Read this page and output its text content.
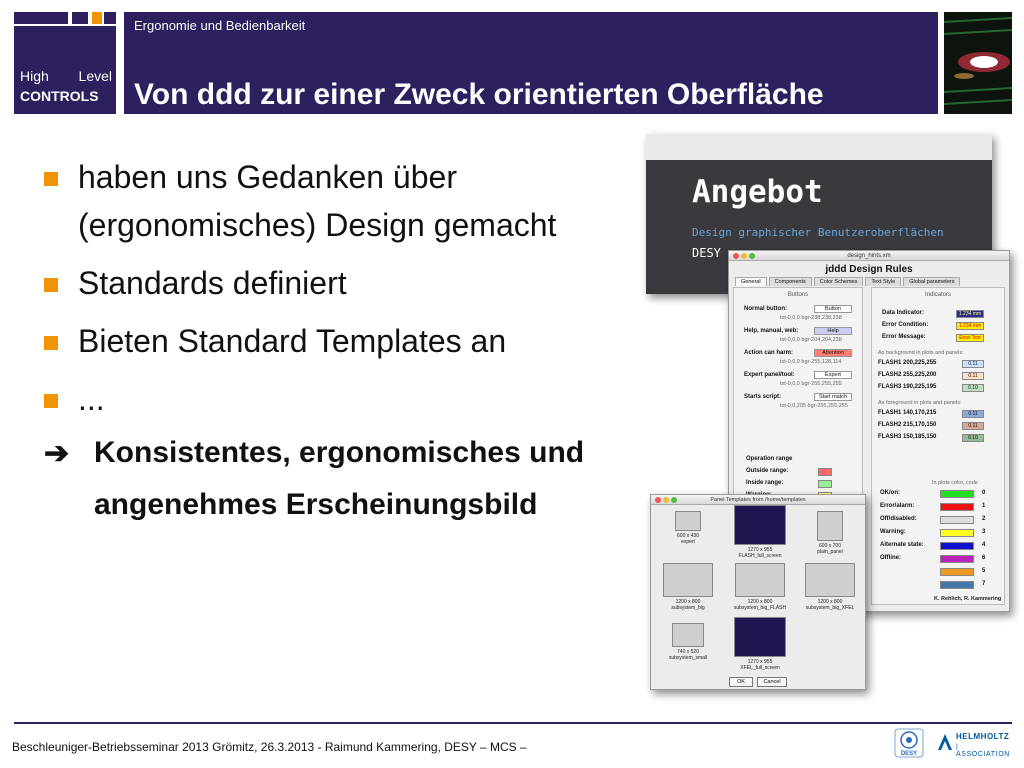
High Level
CONTROLS
Ergonomie und Bedienbarkeit
Von ddd zur einer Zweck orientierten Oberfläche
haben uns Gedanken über
(ergonomisches) Design gemacht
Standards definiert
Bieten Standard Templates an
...
➔ Konsistentes, ergonomisches und
angenehmes Erscheinungsbild
Angebot
Design graphischer Benutzeroberflächen
DESY	design_hints.xm
jddd Design Rules
General	Components	Color Schemes	Text Style	Global parameters
Buttons
Normal button:	Button
txt-0,0,0 bgr-238,238,238
Help, manual, web:	Help
txt-0,0,0 bgr-204,204,238
Action can harm:	Attention
txt-0,0,0 bgr-255,128,114
Expert panel/tool:	Expert
txt-0,0,0 bgr-255,255,255
Starts script:	Start match
txt-0,0,205 bgr-255,255,255
Operation range
Outside range:
Inside range:
Indicators
Data Indicator:	1.234 mm
Error Condition:	1.234 mm
Error Message:	Error Text
As background in plots and panels:
FLASH1 200,225,255	0.11
FLASH2 255,225,200	0.11
FLASH3 190,225,195	0.10
As foreground in plots and panels:
FLASH1 140,170,215	0.11
FLASH2 215,170,150	0.11
FLASH3 150,185,150	0.10
In plots color, code
OK/on:	0
Error/alarm:	1
Off/disabled:	2
Warning:	3
Alternate state:	4
Offline:	6
5
7
K. Rehlich, R. Kammering
Panel Templates from /home/templates
600 x 430
expert
1270 x 955
FLASH_full_screen
600 x 700
plain_panel
1200 x 800
subsystem_big
1200 x 800
subsystem_big_FLASH
1200 x 800
subsystem_big_XFEL
740 x 520
subsystem_small
1270 x 955
XFEL_full_screen
OK	Cancel
Beschleuniger-Betriebsseminar 2013 Grömitz, 26.3.2013 - Raimund Kammering, DESY – MCS –	DESY
HELMHOLTZ
| ASSOCIATION
